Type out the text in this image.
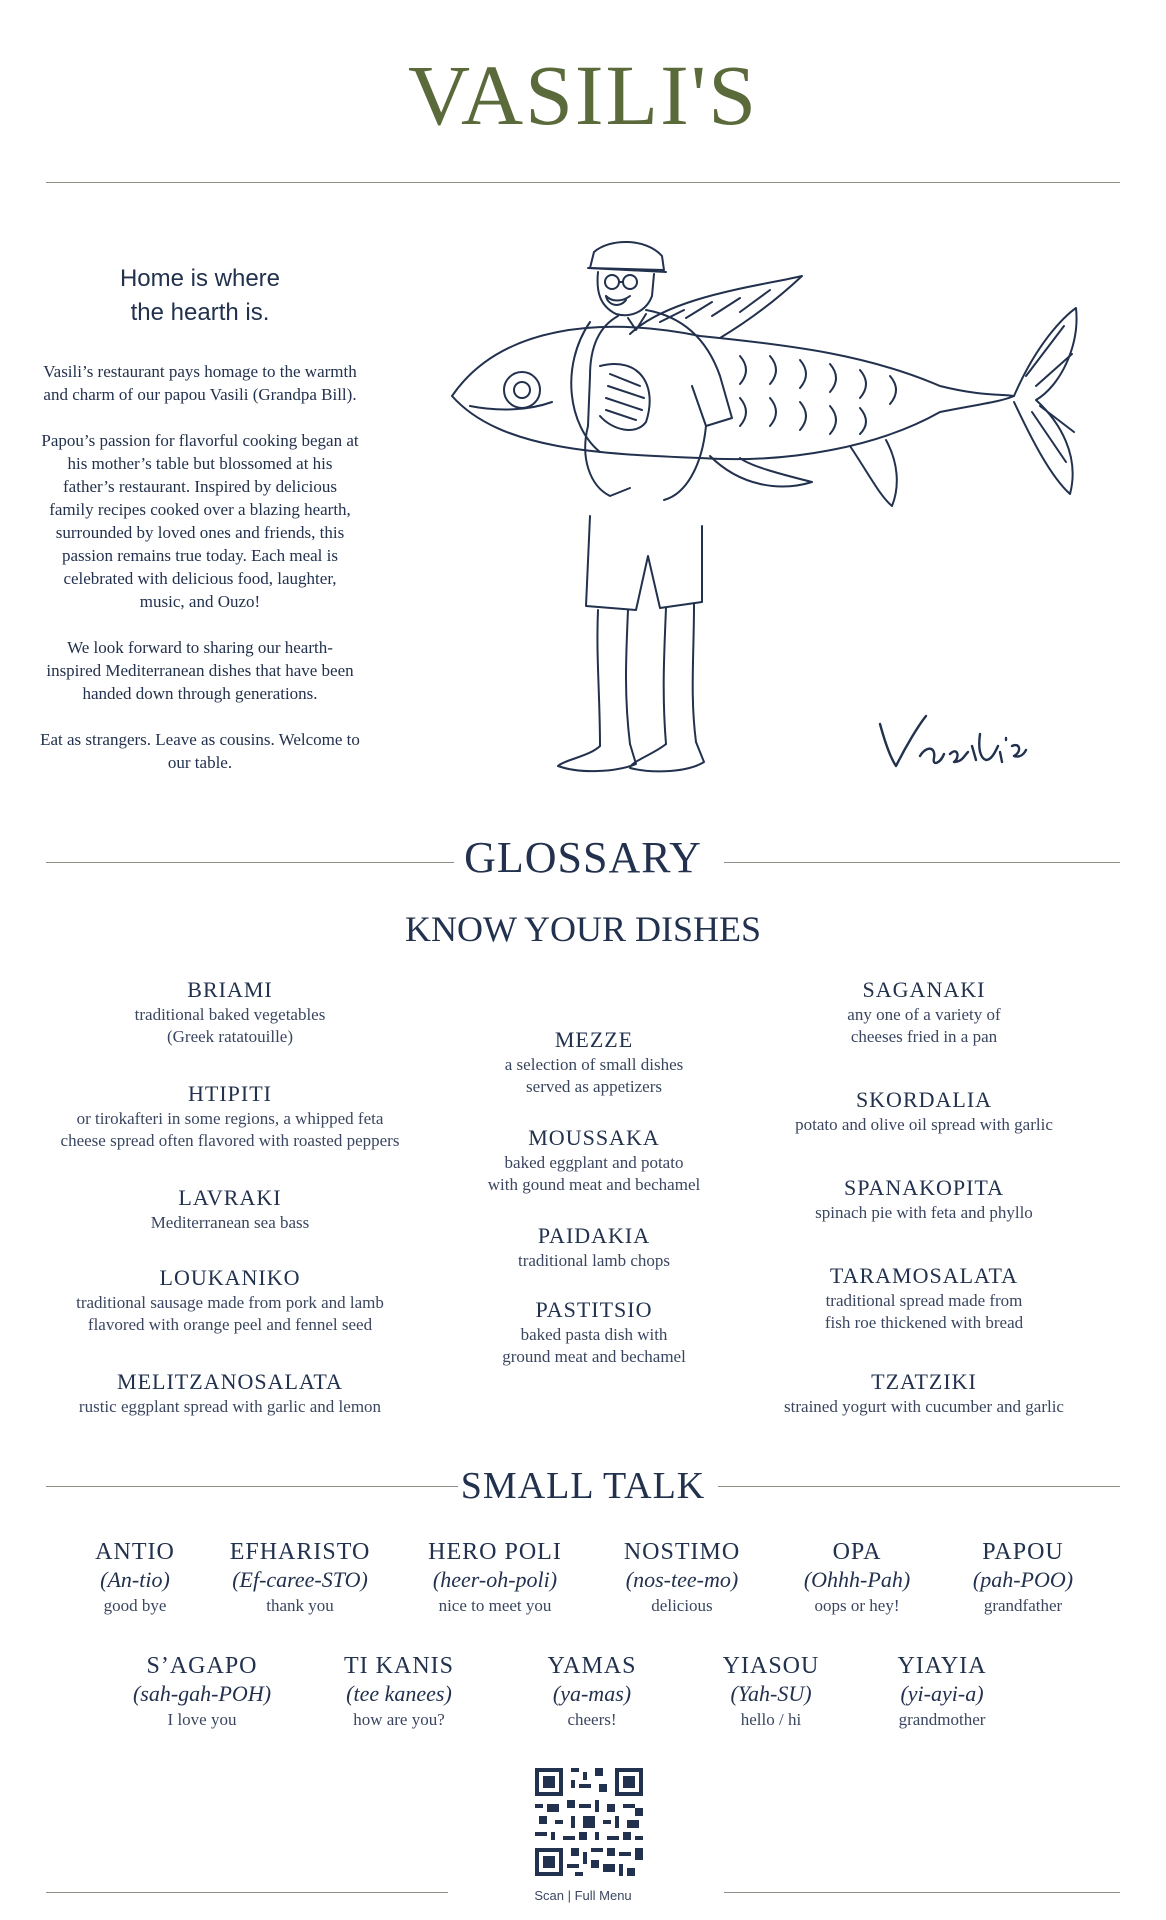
VASILI'S
Home is where
the hearth is.

Vasili’s restaurant pays homage to the warmth and charm of our papou Vasili (Grandpa Bill).

Papou’s passion for flavorful cooking began at his mother’s table but blossomed at his father’s restaurant. Inspired by delicious family recipes cooked over a blazing hearth, surrounded by loved ones and friends, this passion remains true today. Each meal is celebrated with delicious food, laughter, music, and Ouzo!

We look forward to sharing our hearth-inspired Mediterranean dishes that have been handed down through generations.

Eat as strangers. Leave as cousins. Welcome to our table.

GLOSSARY
KNOW YOUR DISHES
BRIAMI
traditional baked vegetables
(Greek ratatouille)
HTIPITI
or tirokafteri in some regions, a whipped feta
cheese spread often flavored with roasted peppers
LAVRAKI
Mediterranean sea bass
LOUKANIKO
traditional sausage made from pork and lamb
flavored with orange peel and fennel seed
MELITZANOSALATA
rustic eggplant spread with garlic and lemon
MEZZE
a selection of small dishes
served as appetizers
MOUSSAKA
baked eggplant and potato
with gound meat and bechamel
PAIDAKIA
traditional lamb chops
PASTITSIO
baked pasta dish with
ground meat and bechamel
SAGANAKI
any one of a variety of
cheeses fried in a pan
SKORDALIA
potato and olive oil spread with garlic
SPANAKOPITA
spinach pie with feta and phyllo
TARAMOSALATA
traditional spread made from
fish roe thickened with bread
TZATZIKI
strained yogurt with cucumber and garlic
SMALL TALK
ANTIO
(An-tio)
good bye
EFHARISTO
(Ef-caree-STO)
thank you
HERO POLI
(heer-oh-poli)
nice to meet you
NOSTIMO
(nos-tee-mo)
delicious
OPA
(Ohhh-Pah)
oops or hey!
PAPOU
(pah-POO)
grandfather
S’AGAPO
(sah-gah-POH)
I love you
TI KANIS
(tee kanees)
how are you?
YAMAS
(ya-mas)
cheers!
YIASOU
(Yah-SU)
hello / hi
YIAYIA
(yi-ayi-a)
grandmother
Scan | Full Menu
